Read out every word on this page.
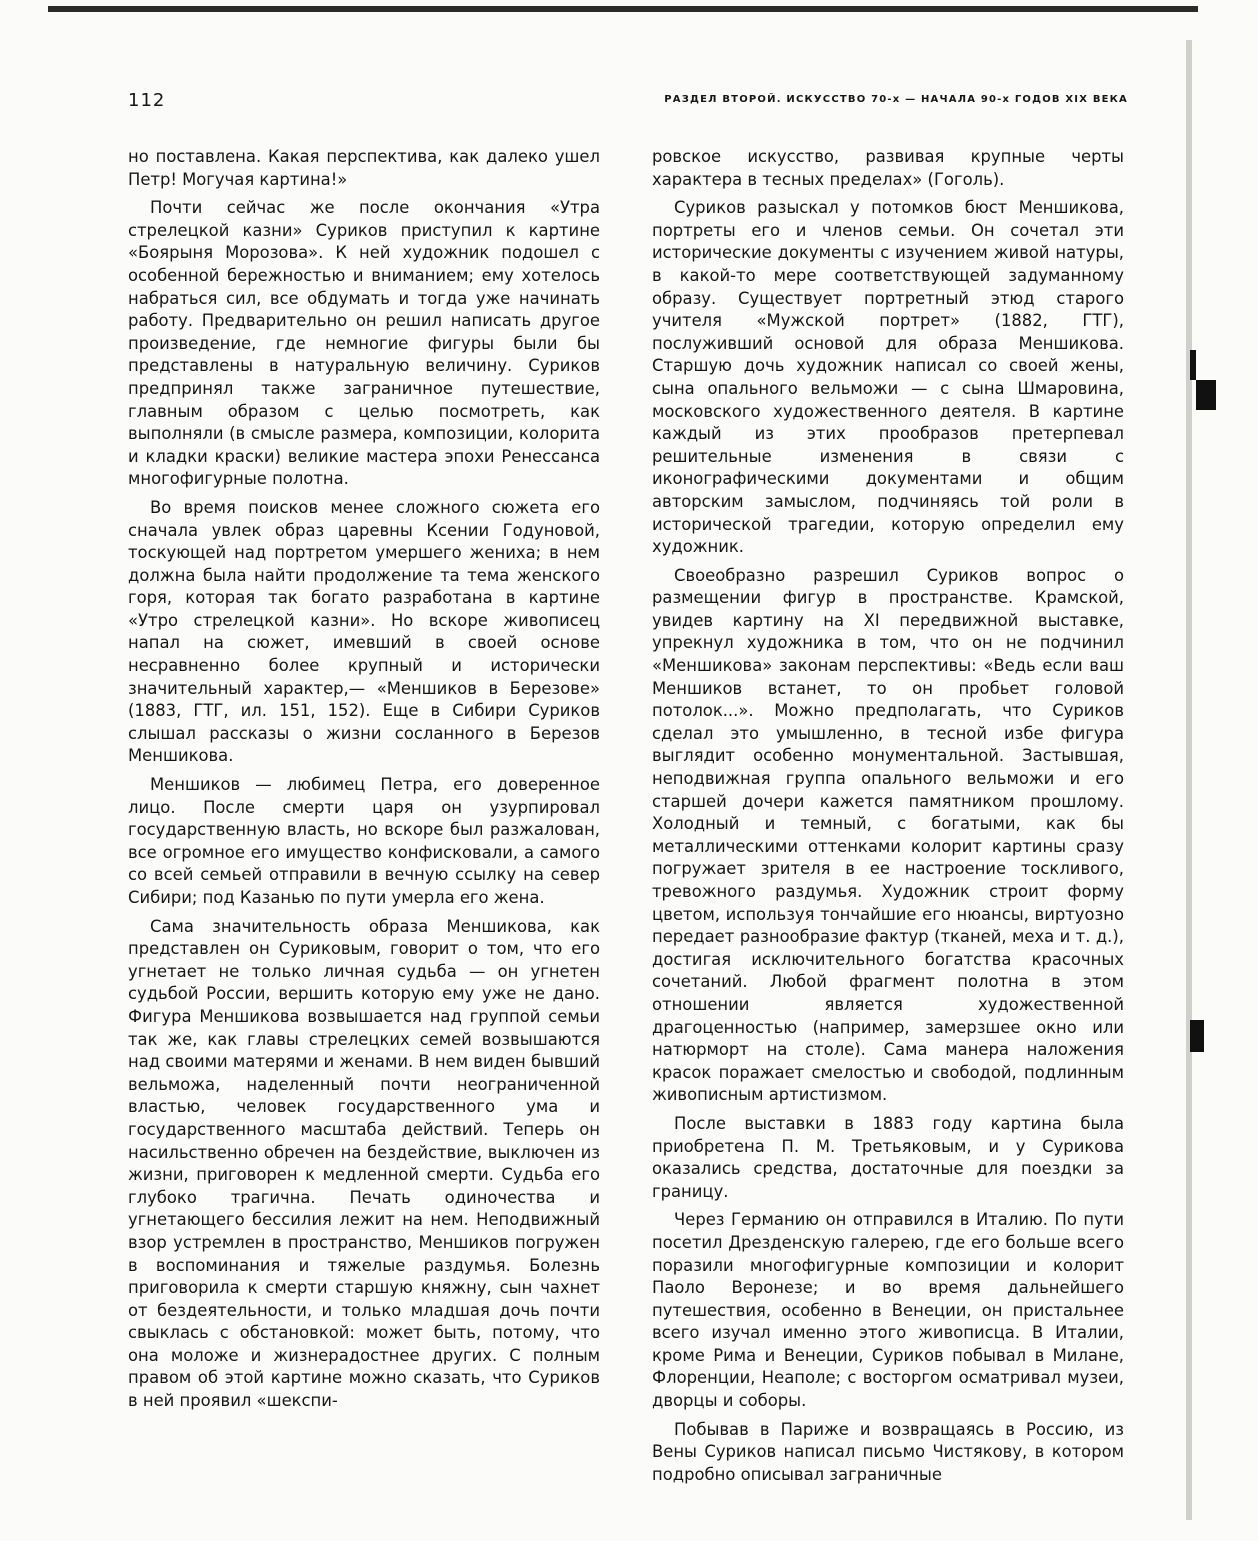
112	РАЗДЕЛ ВТОРОЙ. ИСКУССТВО 70-х — НАЧАЛА 90-х ГОДОВ XIX ВЕКА

но поставлена. Какая перспектива, как далеко ушел Петр! Могучая картина!»

Почти сейчас же после окончания «Утра стрелецкой казни» Суриков приступил к картине «Боярыня Морозова». К ней художник подошел с особенной бережностью и вниманием; ему хотелось набраться сил, все обдумать и тогда уже начинать работу. Предварительно он решил написать другое произведение, где немногие фигуры были бы представлены в натуральную величину. Суриков предпринял также заграничное путешествие, главным образом с целью посмотреть, как выполняли (в смысле размера, композиции, колорита и кладки краски) великие мастера эпохи Ренессанса многофигурные полотна.

Во время поисков менее сложного сюжета его сначала увлек образ царевны Ксении Годуновой, тоскующей над портретом умершего жениха; в нем должна была найти продолжение та тема женского горя, которая так богато разработана в картине «Утро стрелецкой казни». Но вскоре живописец напал на сюжет, имевший в своей основе несравненно более крупный и исторически значительный характер,— «Меншиков в Березове» (1883, ГТГ, ил. 151, 152). Еще в Сибири Суриков слышал рассказы о жизни сосланного в Березов Меншикова.

Меншиков — любимец Петра, его доверенное лицо. После смерти царя он узурпировал государственную власть, но вскоре был разжалован, все огромное его имущество конфисковали, а самого со всей семьей отправили в вечную ссылку на север Сибири; под Казанью по пути умерла его жена.

Сама значительность образа Меншикова, как представлен он Суриковым, говорит о том, что его угнетает не только личная судьба — он угнетен судьбой России, вершить которую ему уже не дано. Фигура Меншикова возвышается над группой семьи так же, как главы стрелецких семей возвышаются над своими матерями и женами. В нем виден бывший вельможа, наделенный почти неограниченной властью, человек государственного ума и государственного масштаба действий. Теперь он насильственно обречен на бездействие, выключен из жизни, приговорен к медленной смерти. Судьба его глубоко трагична. Печать одиночества и угнетающего бессилия лежит на нем. Неподвижный взор устремлен в пространство, Меншиков погружен в воспоминания и тяжелые раздумья. Болезнь приговорила к смерти старшую княжну, сын чахнет от бездеятельности, и только младшая дочь почти свыклась с обстановкой: может быть, потому, что она моложе и жизнерадостнее других. С полным правом об этой картине можно сказать, что Суриков в ней проявил «шекспи-

ровское искусство, развивая крупные черты характера в тесных пределах» (Гоголь).

Суриков разыскал у потомков бюст Меншикова, портреты его и членов семьи. Он сочетал эти исторические документы с изучением живой натуры, в какой-то мере соответствующей задуманному образу. Существует портретный этюд старого учителя «Мужской портрет» (1882, ГТГ), послуживший основой для образа Меншикова. Старшую дочь художник написал со своей жены, сына опального вельможи — с сына Шмаровина, московского художественного деятеля. В картине каждый из этих прообразов претерпевал решительные изменения в связи с иконографическими документами и общим авторским замыслом, подчиняясь той роли в исторической трагедии, которую определил ему художник.

Своеобразно разрешил Суриков вопрос о размещении фигур в пространстве. Крамской, увидев картину на XI передвижной выставке, упрекнул художника в том, что он не подчинил «Меншикова» законам перспективы: «Ведь если ваш Меншиков встанет, то он пробьет головой потолок...». Можно предполагать, что Суриков сделал это умышленно, в тесной избе фигура выглядит особенно монументальной. Застывшая, неподвижная группа опального вельможи и его старшей дочери кажется памятником прошлому. Холодный и темный, с богатыми, как бы металлическими оттенками колорит картины сразу погружает зрителя в ее настроение тоскливого, тревожного раздумья. Художник строит форму цветом, используя тончайшие его нюансы, виртуозно передает разнообразие фактур (тканей, меха и т. д.), достигая исключительного богатства красочных сочетаний. Любой фрагмент полотна в этом отношении является художественной драгоценностью (например, замерзшее окно или натюрморт на столе). Сама манера наложения красок поражает смелостью и свободой, подлинным живописным артистизмом.

После выставки в 1883 году картина была приобретена П. М. Третьяковым, и у Сурикова оказались средства, достаточные для поездки за границу.

Через Германию он отправился в Италию. По пути посетил Дрезденскую галерею, где его больше всего поразили многофигурные композиции и колорит Паоло Веронезе; и во время дальнейшего путешествия, особенно в Венеции, он пристальнее всего изучал именно этого живописца. В Италии, кроме Рима и Венеции, Суриков побывал в Милане, Флоренции, Неаполе; с восторгом осматривал музеи, дворцы и соборы.

Побывав в Париже и возвращаясь в Россию, из Вены Суриков написал письмо Чистякову, в котором подробно описывал заграничные
